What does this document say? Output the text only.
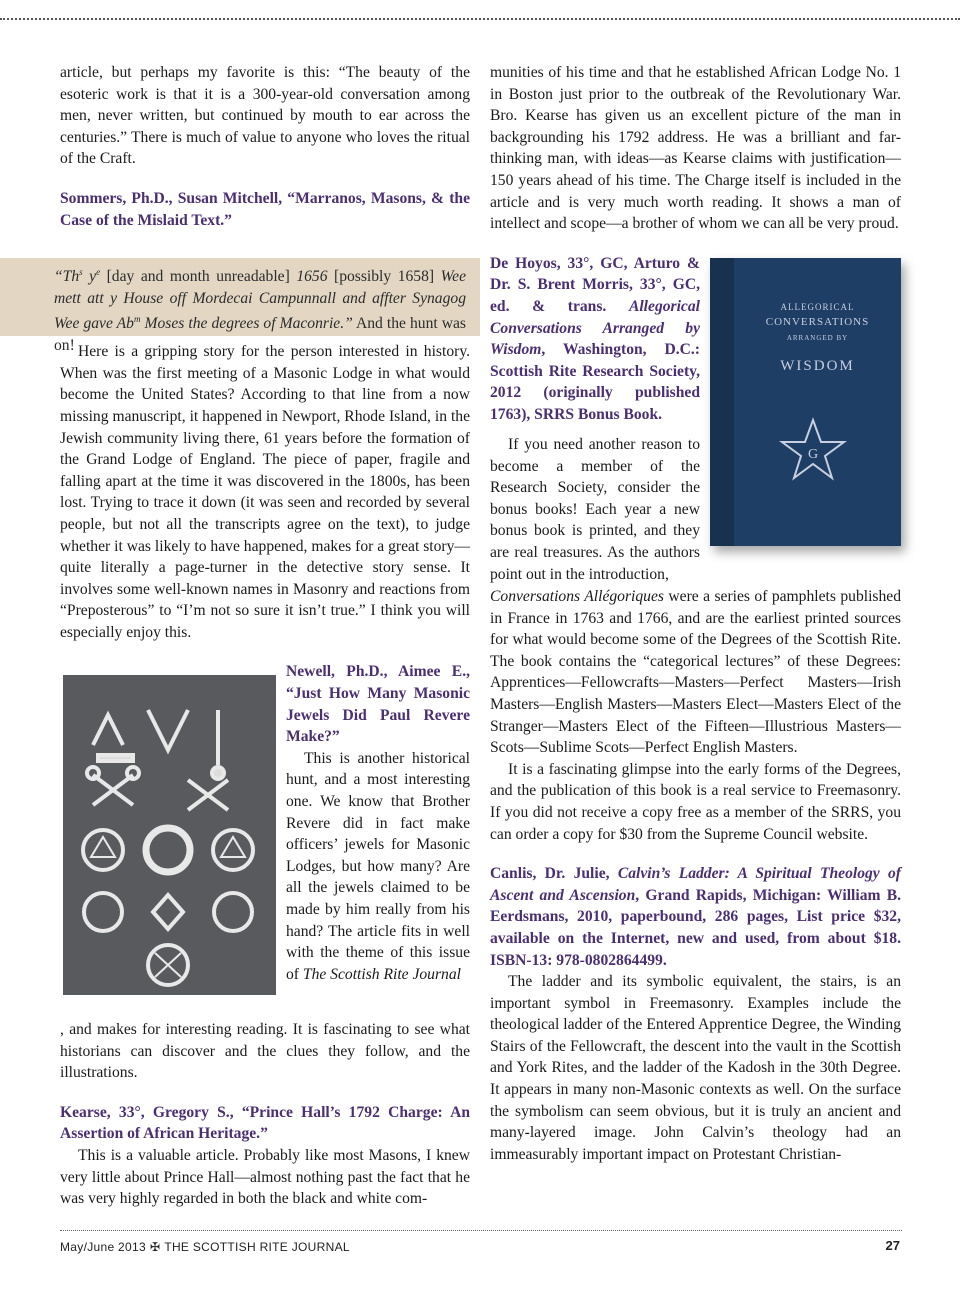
article, but perhaps my favorite is this: “The beauty of the esoteric work is that it is a 300-year-old conversation among men, never written, but continued by mouth to ear across the centuries.” There is much of value to anyone who loves the ritual of the Craft.

Sommers, Ph.D., Susan Mitchell, “Marranos, Masons, & the Case of the Mislaid Text.”

Here is a gripping story for the person interested in history. When was the first meeting of a Masonic Lodge in what would become the United States? According to that line from a now missing manuscript, it happened in Newport, Rhode Island, in the Jewish community living there, 61 years before the formation of the Grand Lodge of England. The piece of paper, fragile and falling apart at the time it was discovered in the 1800s, has been lost. Trying to trace it down (it was seen and recorded by several people, but not all the transcripts agree on the text), to judge whether it was likely to have happened, makes for a great story—quite literally a page-turner in the detective story sense. It involves some well-known names in Masonry and reactions from “Preposterous” to “I’m not so sure it isn’t true.” I think you will especially enjoy this.

Newell, Ph.D., Aimee E., “Just How Many Masonic Jewels Did Paul Revere Make?”

This is another historical hunt, and a most interesting one. We know that Brother Revere did in fact make officers’ jewels for Masonic Lodges, but how many? Are all the jewels claimed to be made by him really from his hand? The article fits in well with the theme of this issue of The Scottish Rite Journal

, and makes for interesting reading. It is fascinating to see what historians can discover and the clues they follow, and the illustrations.

Kearse, 33°, Gregory S., “Prince Hall’s 1792 Charge: An Assertion of African Heritage.”

This is a valuable article. Probably like most Masons, I knew very little about Prince Hall—almost nothing past the fact that he was very highly regarded in both the black and white com-

“Th$^s$ $y^e$ [day and month unreadable] 1656 [possibly 1658] Wee mett att y House off Mordecai Campunnall and affter Synagog Wee gave Ab$^m$ Moses the degrees of Maconrie.” And the hunt was on!

munities of his time and that he established African Lodge No. 1 in Boston just prior to the outbreak of the Revolutionary War. Bro. Kearse has given us an excellent picture of the man in backgrounding his 1792 address. He was a brilliant and far-thinking man, with ideas—as Kearse claims with justification—150 years ahead of his time. The Charge itself is included in the article and is very much worth reading. It shows a man of intellect and scope—a brother of whom we can all be very proud.

De Hoyos, 33°, GC, Arturo & Dr. S. Brent Morris, 33°, GC, ed. & trans. Allegorical Conversations Arranged by Wisdom, Washington, D.C.: Scottish Rite Research Society, 2012 (originally published 1763), SRRS Bonus Book.

If you need another reason to become a member of the Research Society, consider the bonus books! Each year a new bonus book is printed, and they are real treasures. As the authors point out in the introduction,

Conversations Allégoriques were a series of pamphlets published in France in 1763 and 1766, and are the earliest printed sources for what would become some of the Degrees of the Scottish Rite. The book contains the “categorical lectures” of these Degrees: Apprentices—Fellowcrafts—Masters—Perfect Masters—Irish Masters—English Masters—Masters Elect—Masters Elect of the Stranger—Masters Elect of the Fifteen—Illustrious Masters—Scots—Sublime Scots—Perfect English Masters.

It is a fascinating glimpse into the early forms of the Degrees, and the publication of this book is a real service to Freemasonry. If you did not receive a copy free as a member of the SRRS, you can order a copy for $30 from the Supreme Council website.

Canlis, Dr. Julie, Calvin’s Ladder: A Spiritual Theology of Ascent and Ascension, Grand Rapids, Michigan: William B. Eerdsmans, 2010, paperbound, 286 pages, List price $32, available on the Internet, new and used, from about $18. ISBN-13: 978-0802864499.

The ladder and its symbolic equivalent, the stairs, is an important symbol in Freemasonry. Examples include the theological ladder of the Entered Apprentice Degree, the Winding Stairs of the Fellowcraft, the descent into the vault in the Scottish and York Rites, and the ladder of the Kadosh in the 30th Degree. It appears in many non-Masonic contexts as well. On the surface the symbolism can seem obvious, but it is truly an ancient and many-layered image. John Calvin’s theology had an immeasurably important impact on Protestant Christian-

ALLEGORICAL
CONVERSATIONS
ARRANGED BY
WISDOM
G
May/June 2013 ✠ THE SCOTTISH RITE JOURNAL	27
